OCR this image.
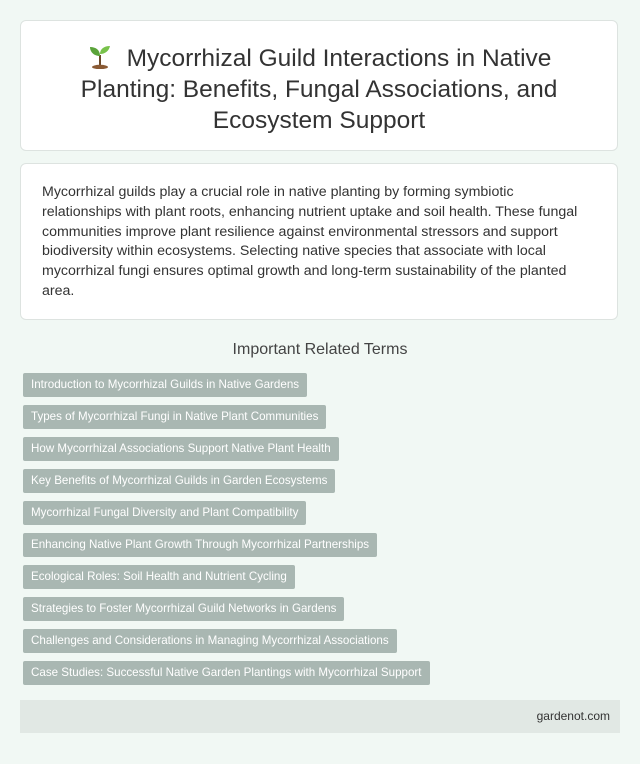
Mycorrhizal Guild Interactions in Native Planting: Benefits, Fungal Associations, and Ecosystem Support

Mycorrhizal guilds play a crucial role in native planting by forming symbiotic relationships with plant roots, enhancing nutrient uptake and soil health. These fungal communities improve plant resilience against environmental stressors and support biodiversity within ecosystems. Selecting native species that associate with local mycorrhizal fungi ensures optimal growth and long-term sustainability of the planted area.

Important Related Terms
Introduction to Mycorrhizal Guilds in Native Gardens
Types of Mycorrhizal Fungi in Native Plant Communities
How Mycorrhizal Associations Support Native Plant Health
Key Benefits of Mycorrhizal Guilds in Garden Ecosystems
Mycorrhizal Fungal Diversity and Plant Compatibility
Enhancing Native Plant Growth Through Mycorrhizal Partnerships
Ecological Roles: Soil Health and Nutrient Cycling
Strategies to Foster Mycorrhizal Guild Networks in Gardens
Challenges and Considerations in Managing Mycorrhizal Associations
Case Studies: Successful Native Garden Plantings with Mycorrhizal Support
gardenot.com
